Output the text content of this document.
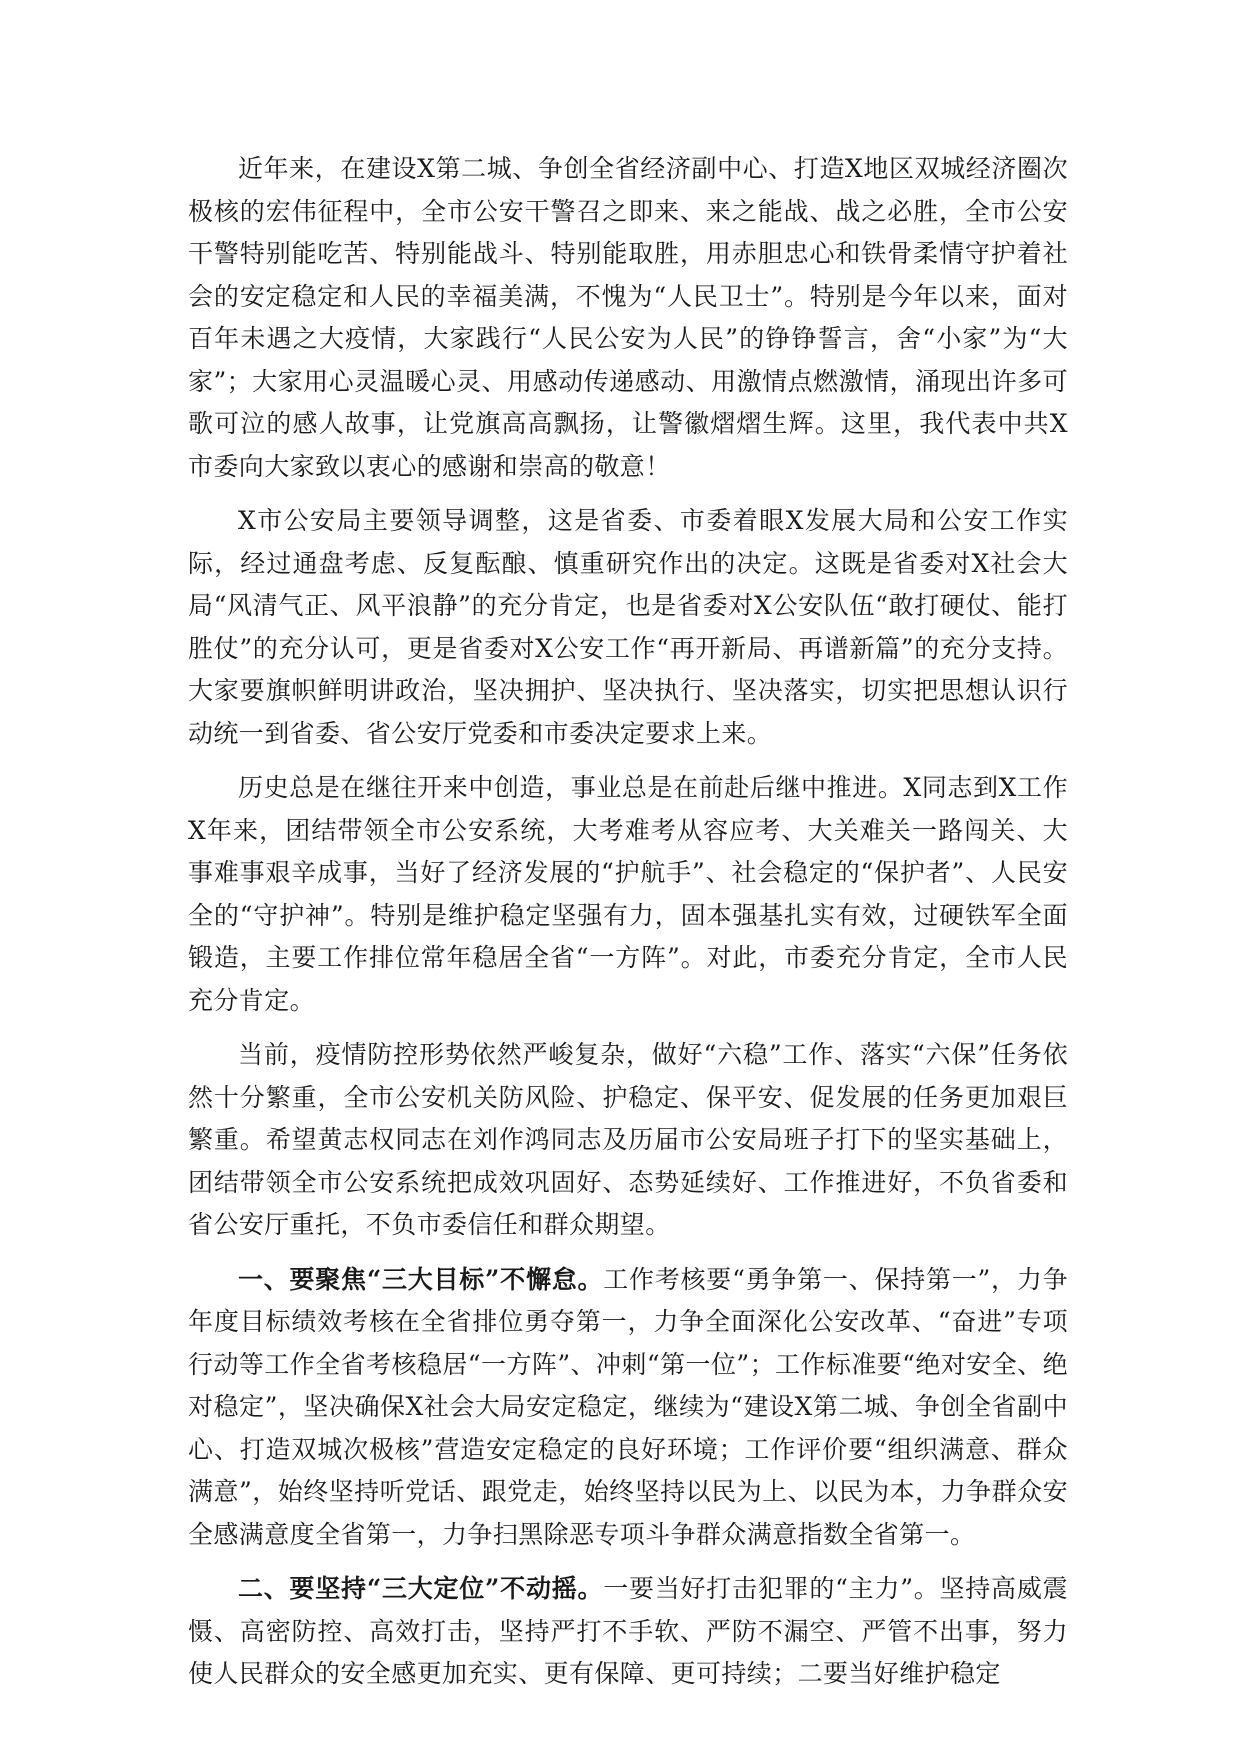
近年来，在建设X第二城、争创全省经济副中心、打造X地区双城经济圈次极核的宏伟征程中，全市公安干警召之即来、来之能战、战之必胜，全市公安干警特别能吃苦、特别能战斗、特别能取胜，用赤胆忠心和铁骨柔情守护着社会的安定稳定和人民的幸福美满，不愧为“人民卫士”。特别是今年以来，面对百年未遇之大疫情，大家践行“人民公安为人民”的铮铮誓言，舍“小家”为“大家”；大家用心灵温暖心灵、用感动传递感动、用激情点燃激情，涌现出许多可歌可泣的感人故事，让党旗高高飘扬，让警徽熠熠生辉。这里，我代表中共X市委向大家致以衷心的感谢和崇高的敬意！

X市公安局主要领导调整，这是省委、市委着眼X发展大局和公安工作实际，经过通盘考虑、反复酝酿、慎重研究作出的决定。这既是省委对X社会大局“风清气正、风平浪静”的充分肯定，也是省委对X公安队伍“敢打硬仗、能打胜仗”的充分认可，更是省委对X公安工作“再开新局、再谱新篇”的充分支持。大家要旗帜鲜明讲政治，坚决拥护、坚决执行、坚决落实，切实把思想认识行动统一到省委、省公安厅党委和市委决定要求上来。

历史总是在继往开来中创造，事业总是在前赴后继中推进。X同志到X工作X年来，团结带领全市公安系统，大考难考从容应考、大关难关一路闯关、大事难事艰辛成事，当好了经济发展的“护航手”、社会稳定的“保护者”、人民安全的“守护神”。特别是维护稳定坚强有力，固本强基扎实有效，过硬铁军全面锻造，主要工作排位常年稳居全省“一方阵”。对此，市委充分肯定，全市人民充分肯定。

当前，疫情防控形势依然严峻复杂，做好“六稳”工作、落实“六保”任务依然十分繁重，全市公安机关防风险、护稳定、保平安、促发展的任务更加艰巨繁重。希望黄志权同志在刘作鸿同志及历届市公安局班子打下的坚实基础上，团结带领全市公安系统把成效巩固好、态势延续好、工作推进好，不负省委和省公安厅重托，不负市委信任和群众期望。

一、要聚焦“三大目标”不懈怠。工作考核要“勇争第一、保持第一”，力争年度目标绩效考核在全省排位勇夺第一，力争全面深化公安改革、“奋进”专项行动等工作全省考核稳居“一方阵”、冲刺“第一位”；工作标准要“绝对安全、绝对稳定”，坚决确保X社会大局安定稳定，继续为“建设X第二城、争创全省副中心、打造双城次极核”营造安定稳定的良好环境；工作评价要“组织满意、群众满意”，始终坚持听党话、跟党走，始终坚持以民为上、以民为本，力争群众安全感满意度全省第一，力争扫黑除恶专项斗争群众满意指数全省第一。

二、要坚持“三大定位”不动摇。一要当好打击犯罪的“主力”。坚持高威震慑、高密防控、高效打击，坚持严打不手软、严防不漏空、严管不出事，努力使人民群众的安全感更加充实、更有保障、更可持续；二要当好维护稳定
